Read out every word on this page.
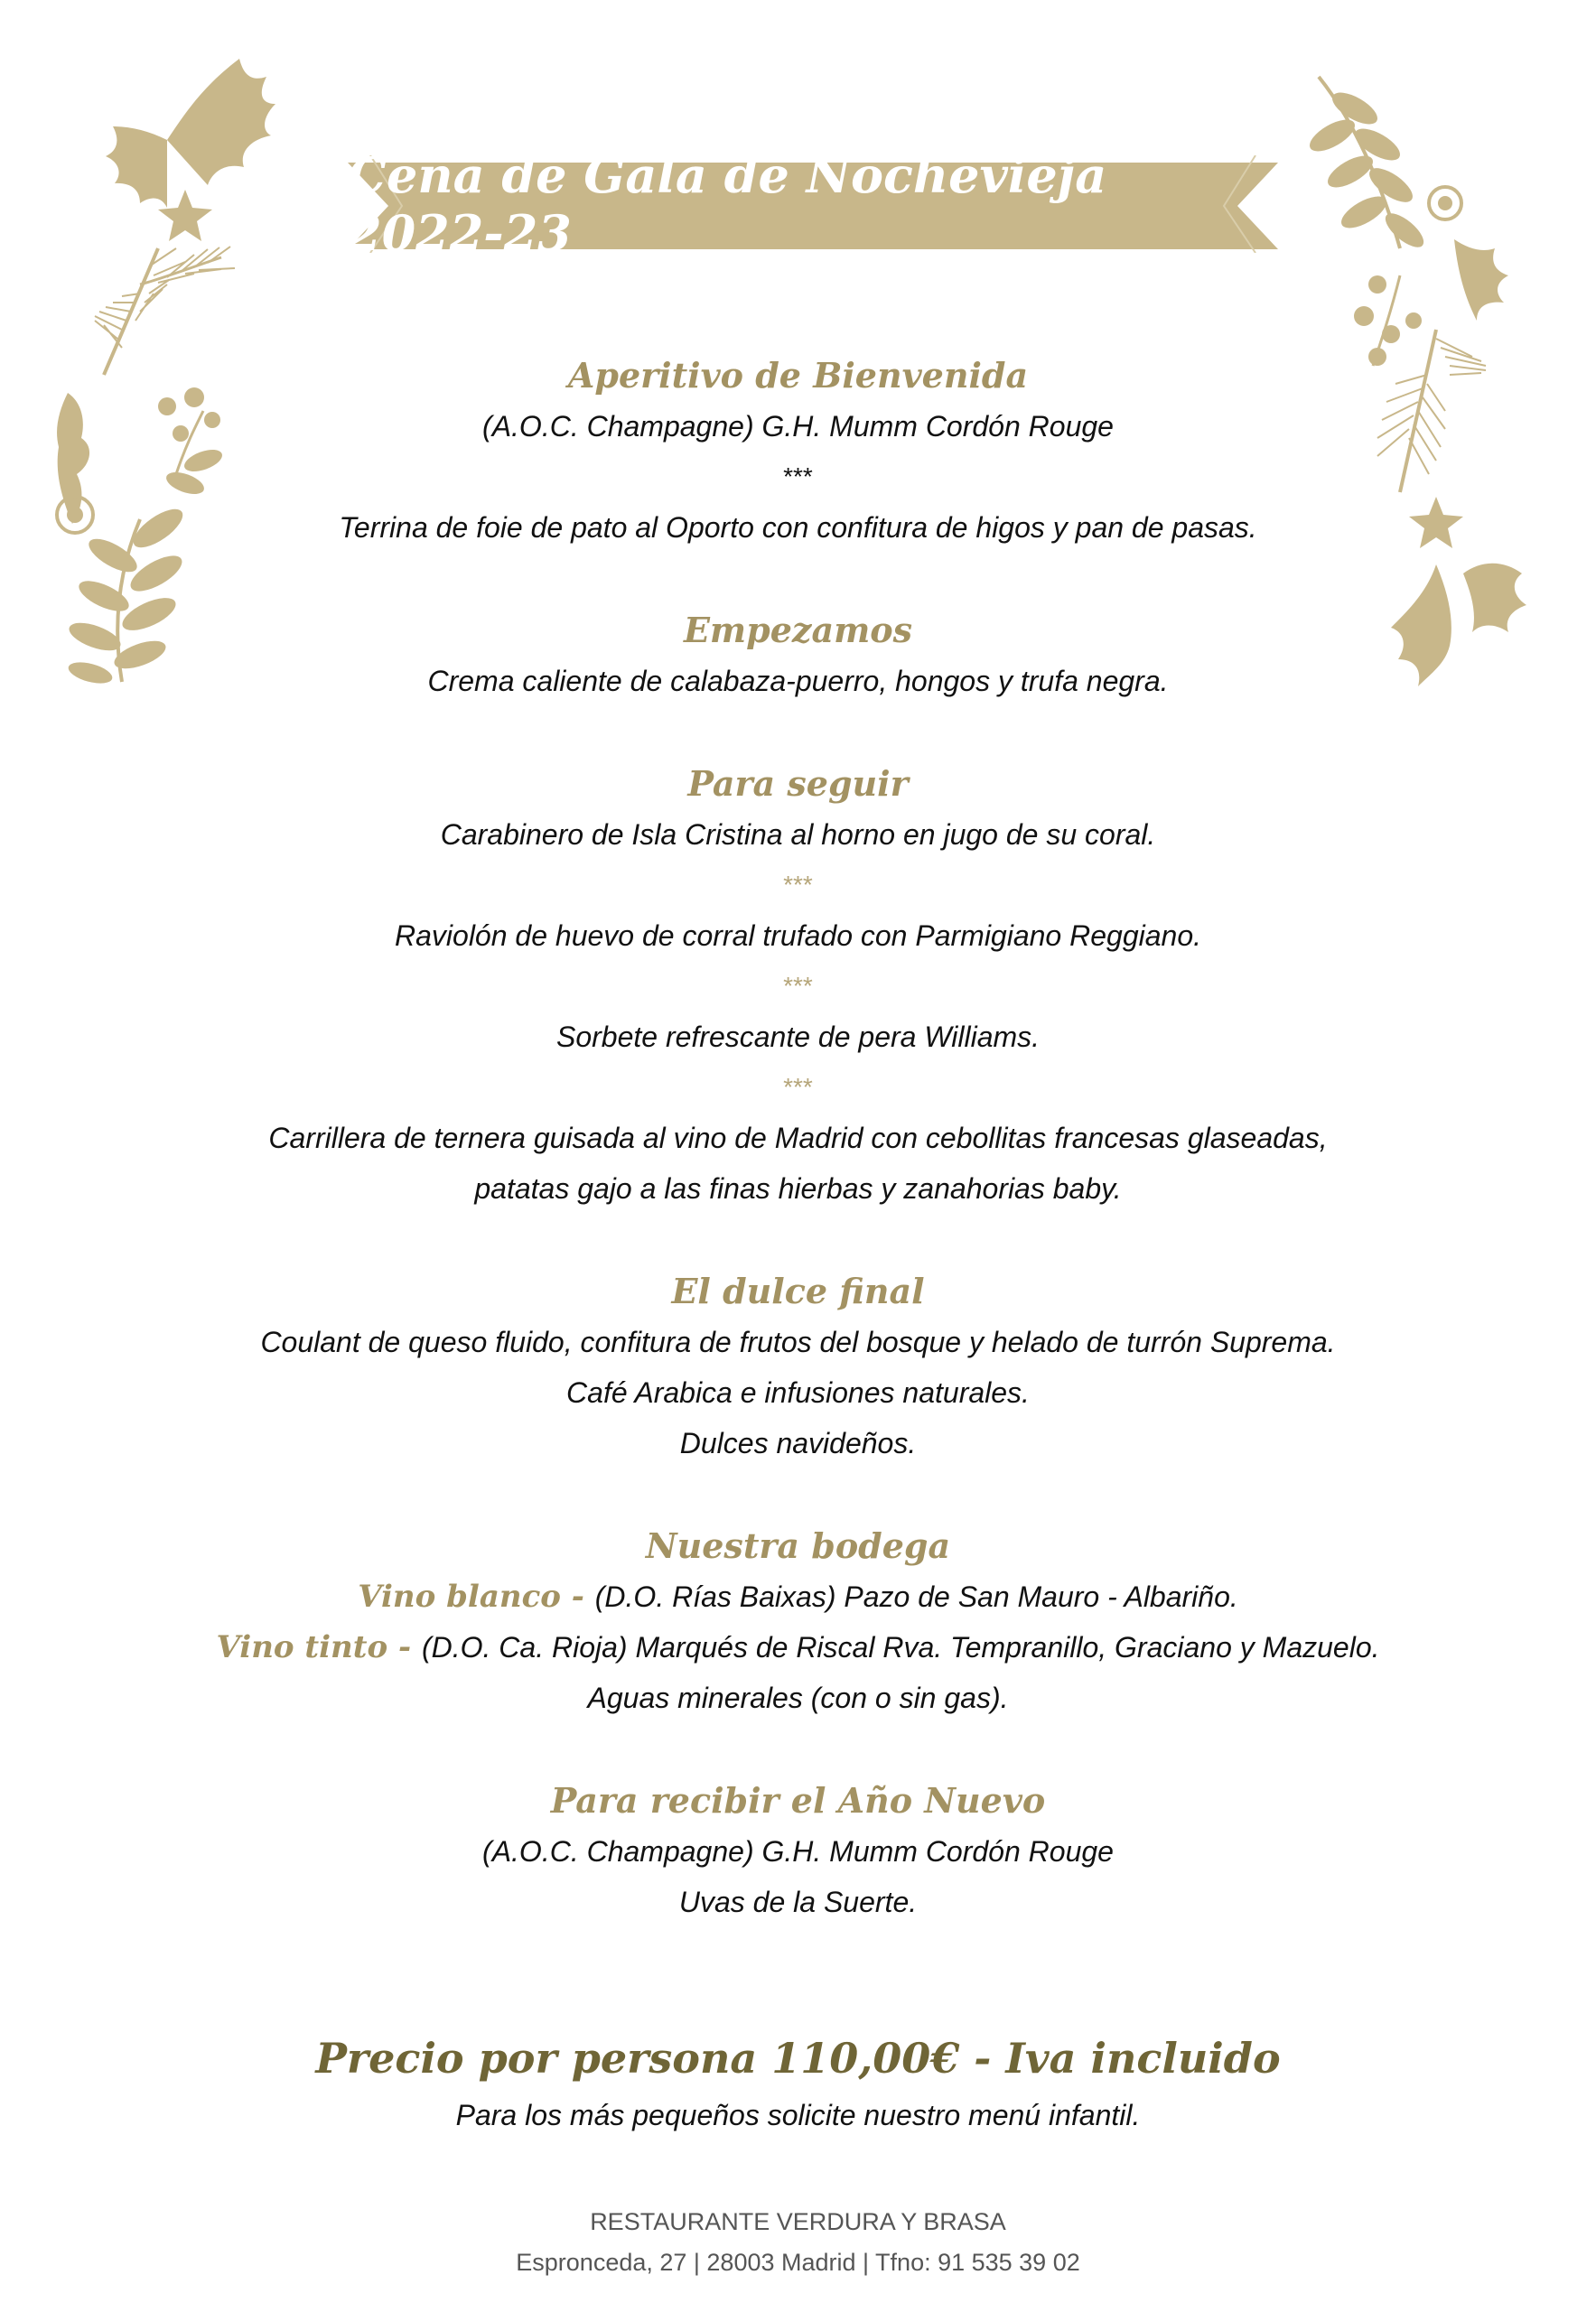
Cena de Gala de Nochevieja 2022-23
Aperitivo de Bienvenida
(A.O.C. Champagne) G.H. Mumm Cordón Rouge
***
Terrina de foie de pato al Oporto con confitura de higos y pan de pasas.
Empezamos
Crema caliente de calabaza-puerro, hongos y trufa negra.
Para seguir
Carabinero de Isla Cristina al horno en jugo de su coral.
***
Raviolón de huevo de corral trufado con Parmigiano Reggiano.
***
Sorbete refrescante de pera Williams.
***
Carrillera de ternera guisada al vino de Madrid con cebollitas francesas glaseadas,
patatas gajo a las finas hierbas y zanahorias baby.
El dulce final
Coulant de queso fluido, confitura de frutos del bosque y helado de turrón Suprema.
Café Arabica e infusiones naturales.
Dulces navideños.
Nuestra bodega
Vino blanco - (D.O. Rías Baixas) Pazo de San Mauro - Albariño.
Vino tinto - (D.O. Ca. Rioja) Marqués de Riscal Rva. Tempranillo, Graciano y Mazuelo.
Aguas minerales (con o sin gas).
Para recibir el Año Nuevo
(A.O.C. Champagne) G.H. Mumm Cordón Rouge
Uvas de la Suerte.
Precio por persona 110,00€ - Iva incluido
Para los más pequeños solicite nuestro menú infantil.
RESTAURANTE VERDURA Y BRASA
Espronceda, 27 | 28003 Madrid | Tfno: 91 535 39 02
